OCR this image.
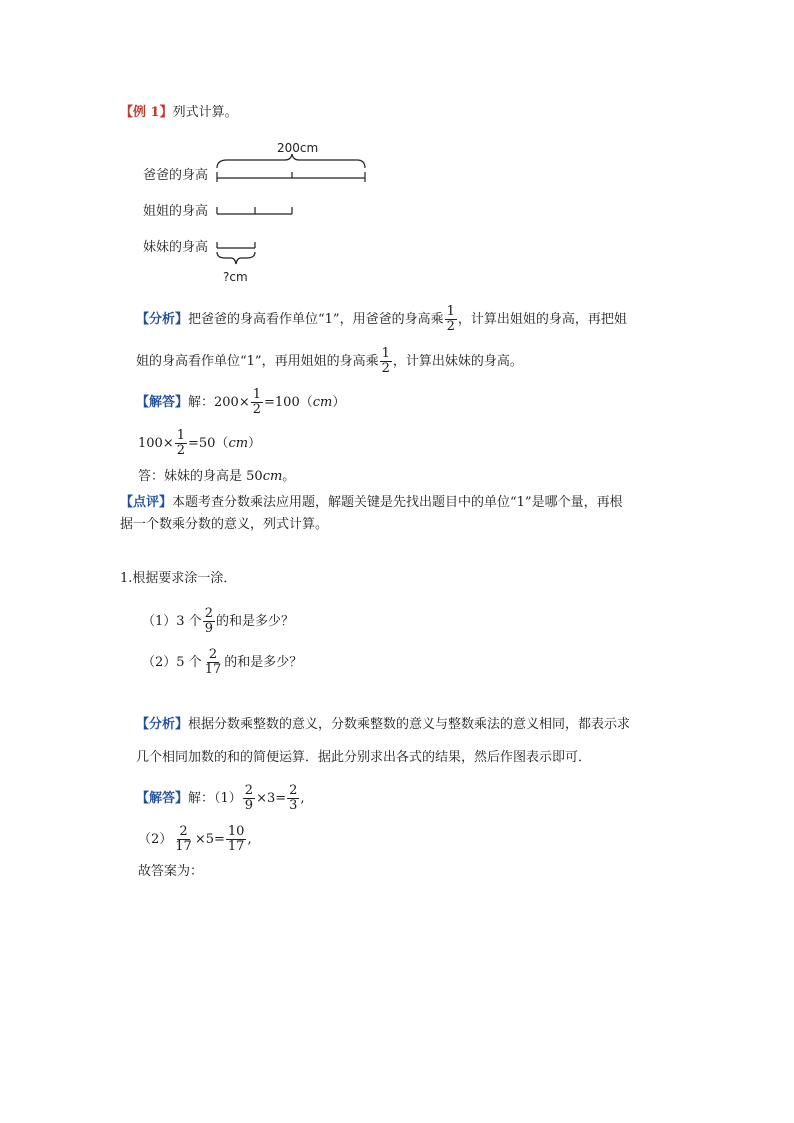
【例 1】列式计算。
200cm
爸爸的身高
姐姐的身高
妹妹的身高
?cm
【分析】把爸爸的身高看作单位“1”，用爸爸的身高乘 $\frac{1}{2}$ ，计算出姐姐的身高，再把姐
姐的身高看作单位“1”，再用姐姐的身高乘 $\frac{1}{2}$ ，计算出妹妹的身高。
【解答】解：$200\times \frac{1}{2} =100(cm)$
$100\times \frac{1}{2} =50(cm)$
答：妹妹的身高是 50cm。
【点评】本题考查分数乘法应用题，解题关键是先找出题目中的单位“1”是哪个量，再根
据一个数乘分数的意义，列式计算。
1.根据要求涂一涂．
（1）3 个 $\frac{2}{9}$ 的和是多少？
（2）5 个 $\frac{2}{17}$ 的和是多少？
【分析】根据分数乘整数的意义，分数乘整数的意义与整数乘法的意义相同，都表示求
几个相同加数的和的简便运算．据此分别求出各式的结果，然后作图表示即可．
【解答】解：$(1) \frac{2}{9} \times 3= \frac{2}{3}$ ,
$(2) \frac{2}{17} \times 5= \frac{10}{17}$ ,
故答案为：
